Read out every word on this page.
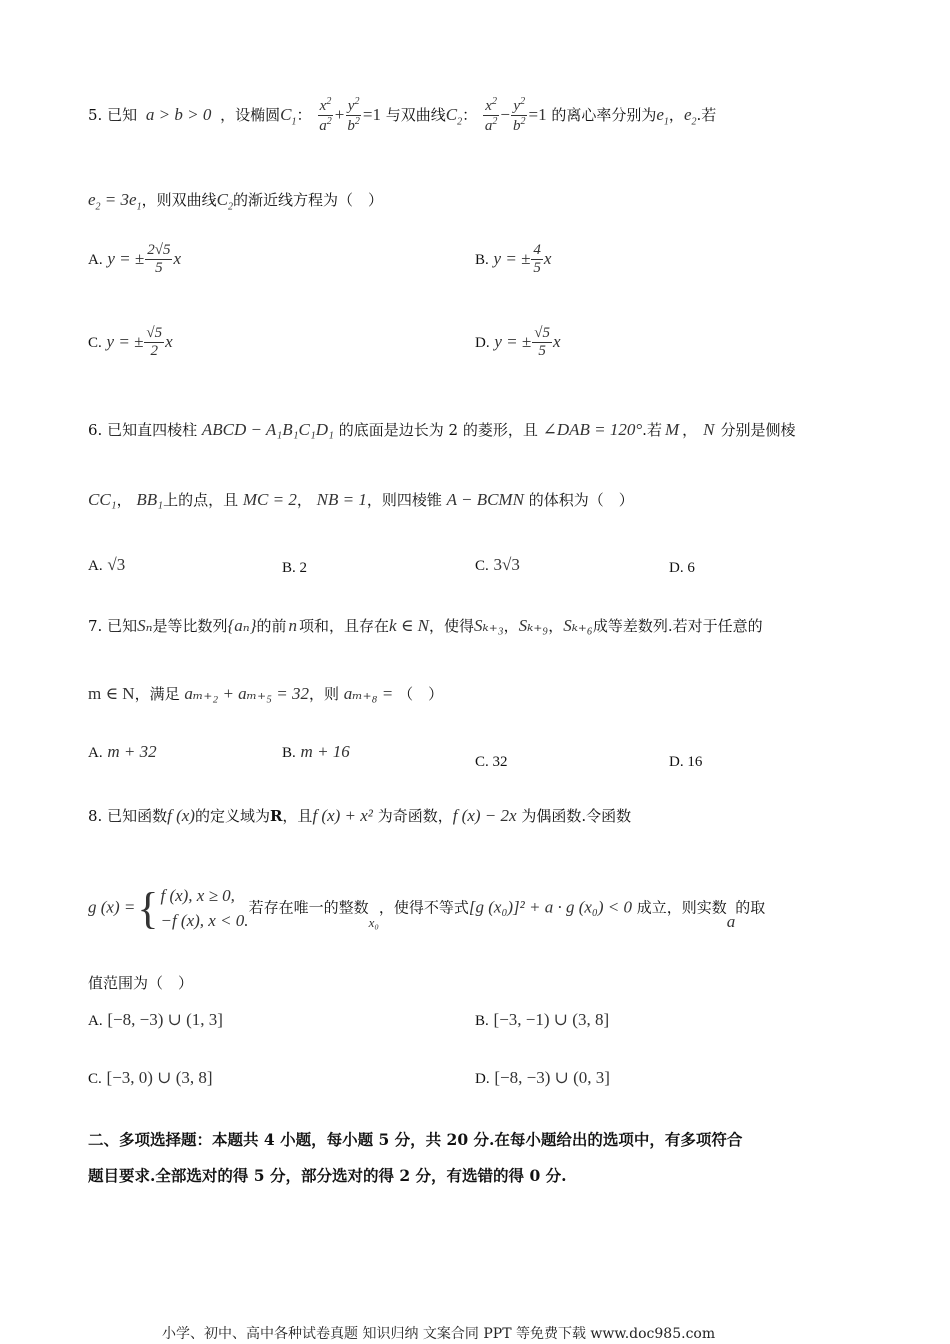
5. 已知 a > b > 0 ，设椭圆$C_1$： $\frac{x^2}{a^2} + \frac{y^2}{b^2} =1$ 与双曲线$C_2$： $\frac{x^2}{a^2} - \frac{y^2}{b^2} =1$ 的离心率分别为$e_1$，$e_2$.若
$e_2 = 3e_1$，则双曲线$C_2$的渐近线方程为（　）
A. y = ± $\frac{2√5}{5}$ x	B. y = ± $\frac{4}{5}$ x
C. y = ± $\frac{√5}{2}$ x	D. y = ± $\frac{√5}{5}$ x
6. 已知直四棱柱 ABCD − A₁B₁C₁D₁ 的底面是边长为 2 的菱形，且 ∠DAB = 120°.若 M ， N 分别是侧棱
CC₁， BB₁上的点，且 MC = 2， NB = 1，则四棱锥 A − BCMN 的体积为（　）
A. √3	B. 2	C. 3√3	D. 6
7. 已知Sₙ是等比数列{aₙ}的前 n 项和，且存在k ∈ N，使得Sₖ₊₃，Sₖ₊₉，Sₖ₊₆成等差数列.若对于任意的
m ∈ N，满足 aₘ₊₂ + aₘ₊₅ = 32，则 aₘ₊₈ = （　）
A. m + 32	B. m + 16
C. 32	D. 16
8. 已知函数f (x)的定义域为R，且f (x) + x² 为奇函数，f (x) − 2x 为偶函数.令函数
g (x) = { f (x), x ≥ 0,
−f (x), x < 0.
若存在唯一的整数x₀，使得不等式[g (x₀)]² + a · g (x₀) < 0 成立，则实数a的取
值范围为（　）
A. [−8, −3) ∪ (1, 3]	B. [−3, −1) ∪ (3, 8]
C. [−3, 0) ∪ (3, 8]	D. [−8, −3) ∪ (0, 3]
二、多项选择题：本题共 4 小题，每小题 5 分，共 20 分.在每小题给出的选项中，有多项符合
题目要求.全部选对的得 5 分，部分选对的得 2 分，有选错的得 0 分.
小学、初中、高中各种试卷真题 知识归纳 文案合同 PPT 等免费下载 www.doc985.com
